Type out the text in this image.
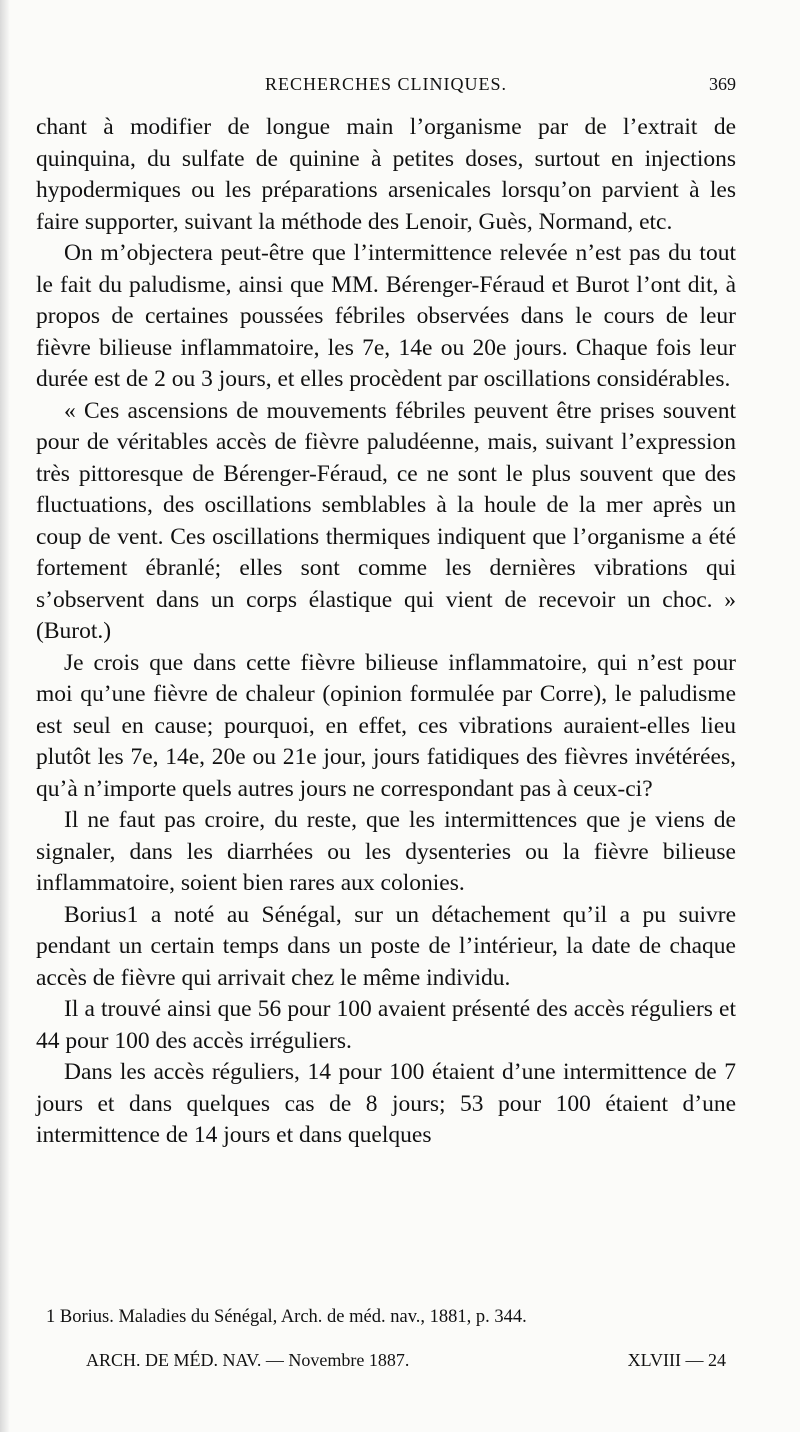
RECHERCHES CLINIQUES.	369

chant à modifier de longue main l’organisme par de l’extrait de quinquina, du sulfate de quinine à petites doses, surtout en injections hypodermiques ou les préparations arsenicales lorsqu’on parvient à les faire supporter, suivant la méthode des Lenoir, Guès, Normand, etc.

On m’objectera peut-être que l’intermittence relevée n’est pas du tout le fait du paludisme, ainsi que MM. Bérenger-Féraud et Burot l’ont dit, à propos de certaines poussées fébriles observées dans le cours de leur fièvre bilieuse inflammatoire, les 7e, 14e ou 20e jours. Chaque fois leur durée est de 2 ou 3 jours, et elles procèdent par oscillations considérables.

« Ces ascensions de mouvements fébriles peuvent être prises souvent pour de véritables accès de fièvre paludéenne, mais, suivant l’expression très pittoresque de Bérenger-Féraud, ce ne sont le plus souvent que des fluctuations, des oscillations semblables à la houle de la mer après un coup de vent. Ces oscillations thermiques indiquent que l’organisme a été fortement ébranlé; elles sont comme les dernières vibrations qui s’observent dans un corps élastique qui vient de recevoir un choc. » (Burot.)

Je crois que dans cette fièvre bilieuse inflammatoire, qui n’est pour moi qu’une fièvre de chaleur (opinion formulée par Corre), le paludisme est seul en cause; pourquoi, en effet, ces vibrations auraient-elles lieu plutôt les 7e, 14e, 20e ou 21e jour, jours fatidiques des fièvres invétérées, qu’à n’importe quels autres jours ne correspondant pas à ceux-ci?

Il ne faut pas croire, du reste, que les intermittences que je viens de signaler, dans les diarrhées ou les dysenteries ou la fièvre bilieuse inflammatoire, soient bien rares aux colonies.

Borius1 a noté au Sénégal, sur un détachement qu’il a pu suivre pendant un certain temps dans un poste de l’intérieur, la date de chaque accès de fièvre qui arrivait chez le même individu.

Il a trouvé ainsi que 56 pour 100 avaient présenté des accès réguliers et 44 pour 100 des accès irréguliers.

Dans les accès réguliers, 14 pour 100 étaient d’une intermittence de 7 jours et dans quelques cas de 8 jours; 53 pour 100 étaient d’une intermittence de 14 jours et dans quelques

1 Borius. Maladies du Sénégal, Arch. de méd. nav., 1881, p. 344.
ARCH. DE MÉD. NAV. — Novembre 1887.	XLVIII — 24
